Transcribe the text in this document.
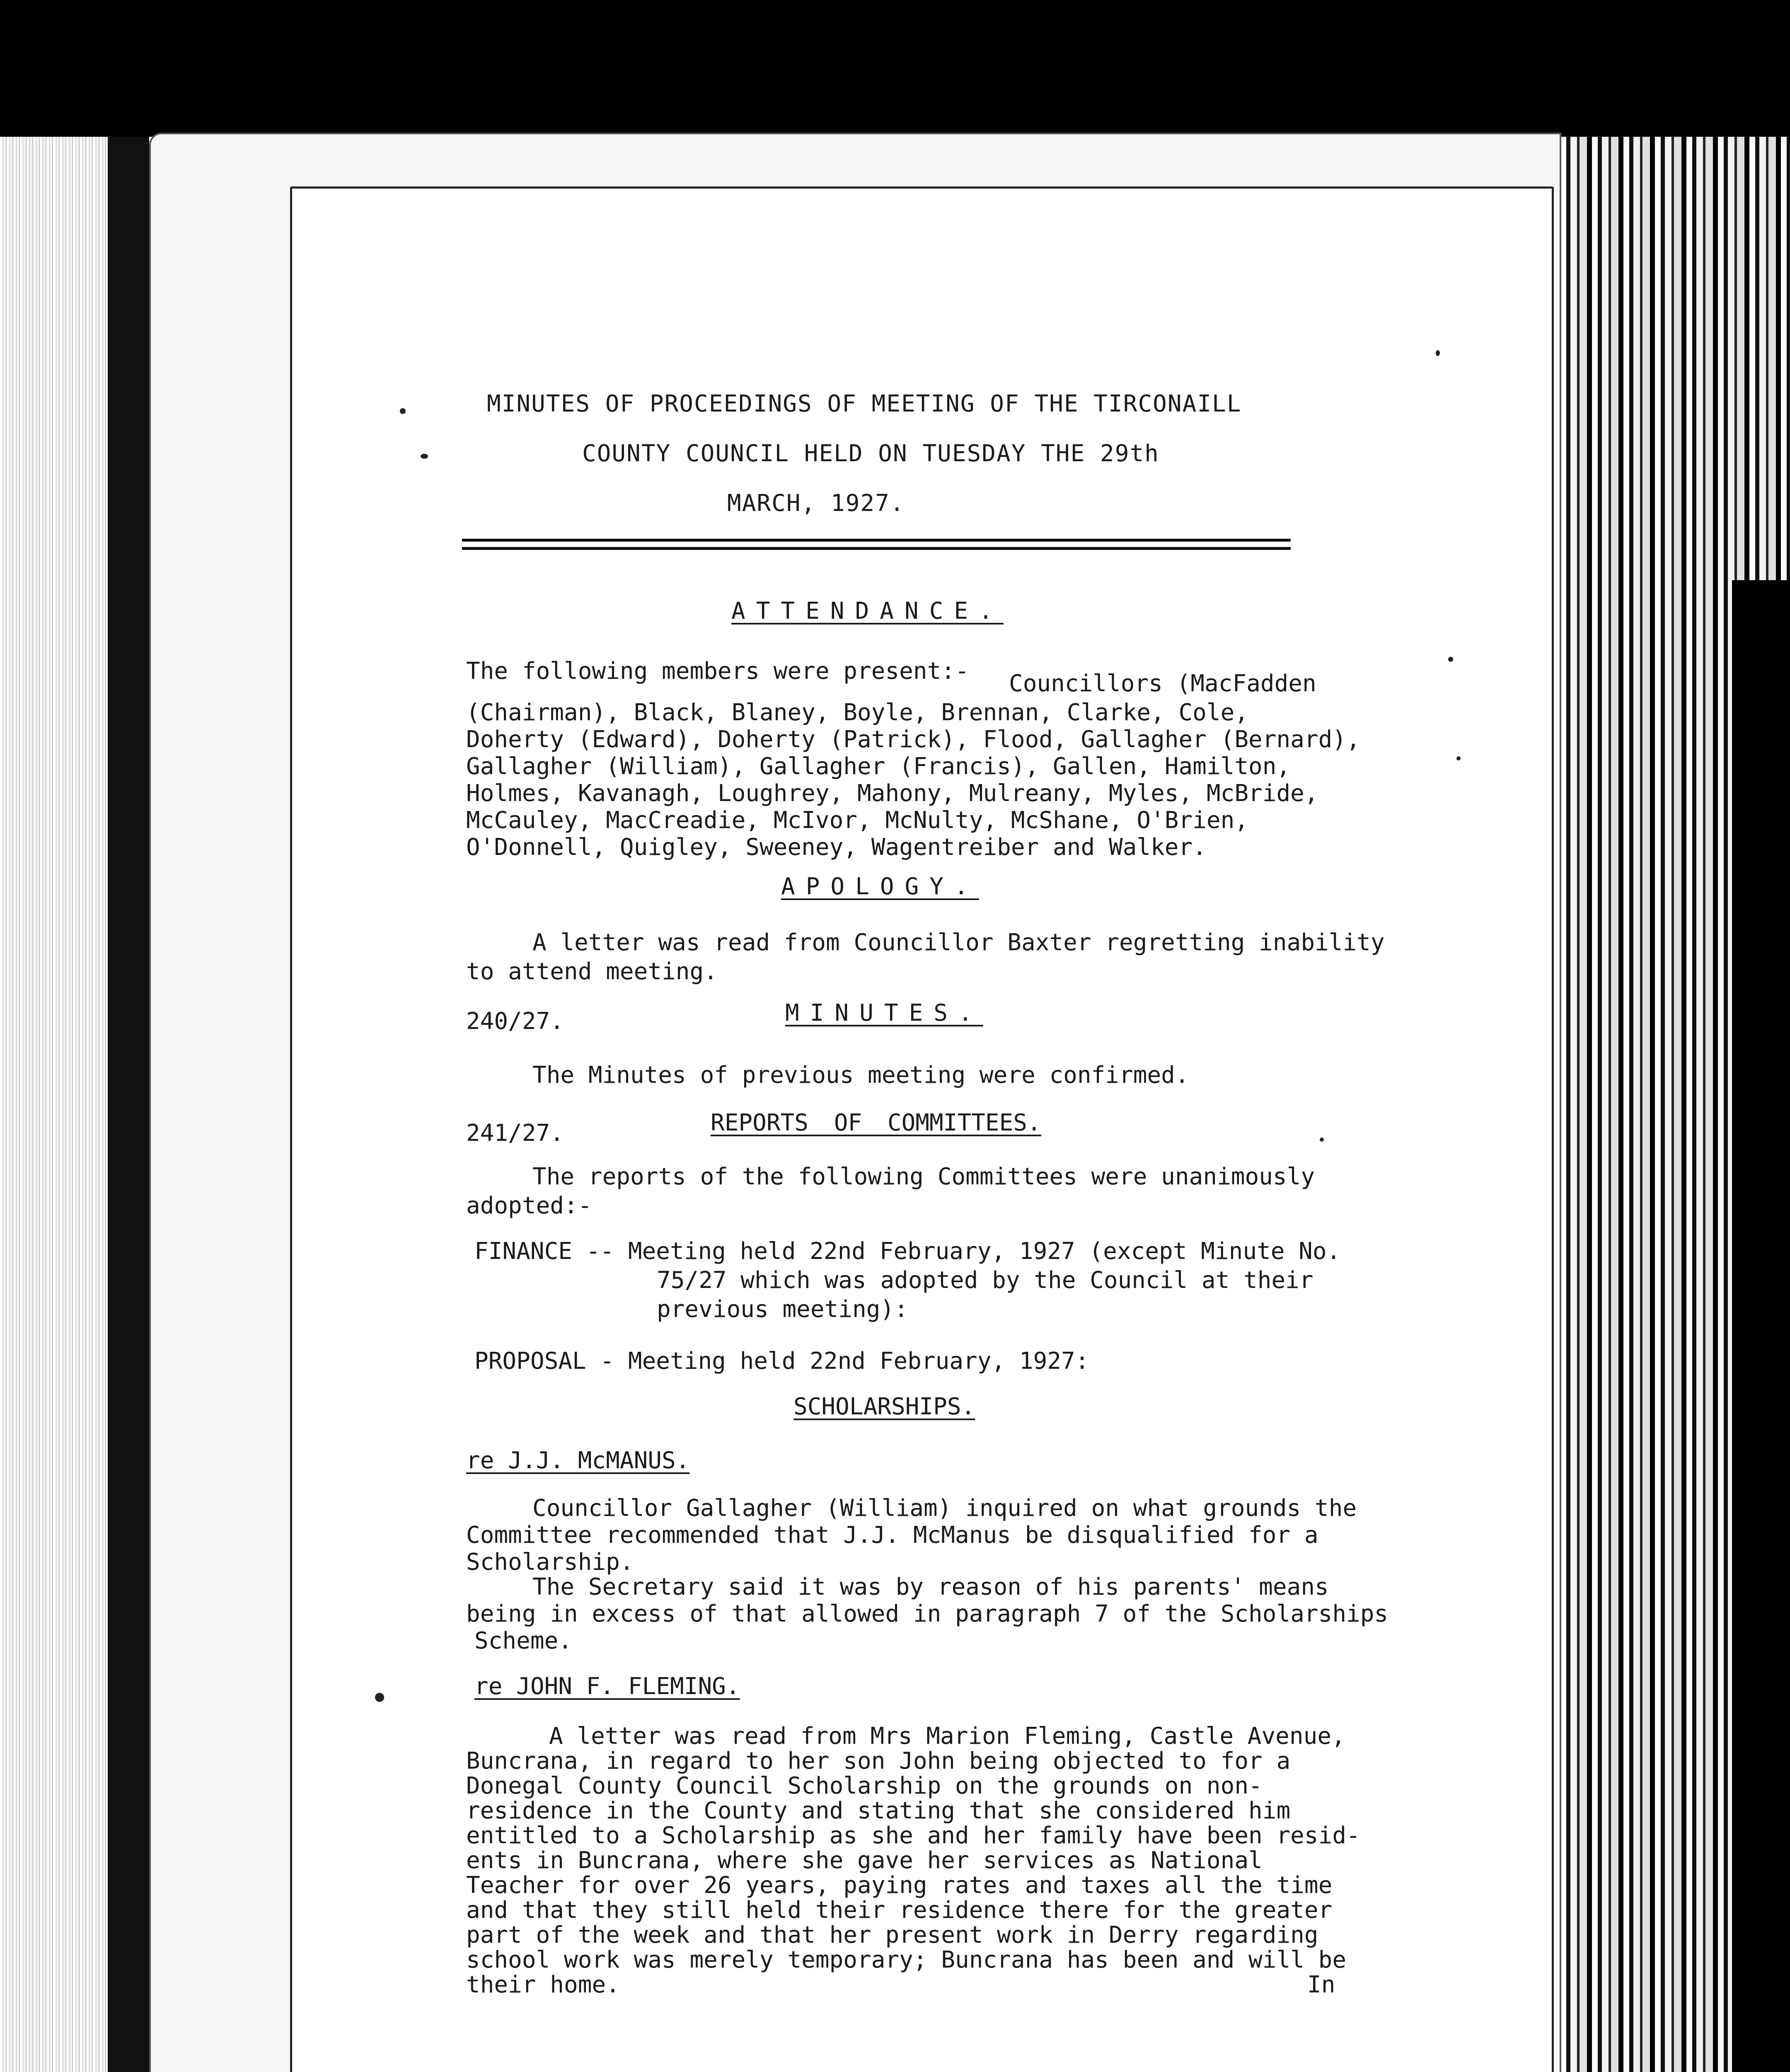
MINUTES OF PROCEEDINGS OF MEETING OF THE TIRCONAILL
COUNTY COUNCIL HELD ON TUESDAY THE 29th
MARCH, 1927.
ATTENDANCE.
The following members were present:- Councillors (MacFadden
(Chairman), Black, Blaney, Boyle, Brennan, Clarke, Cole,
Doherty (Edward), Doherty (Patrick), Flood, Gallagher (Bernard),
Gallagher (William), Gallagher (Francis), Gallen, Hamilton,
Holmes, Kavanagh, Loughrey, Mahony, Mulreany, Myles, McBride,
McCauley, MacCreadie, McIvor, McNulty, McShane, O'Brien,
O'Donnell, Quigley, Sweeney, Wagentreiber and Walker.
APOLOGY.
A letter was read from Councillor Baxter regretting inability
to attend meeting.
240/27.	MINUTES.
The Minutes of previous meeting were confirmed.
241/27.	REPORTS OF COMMITTEES.
The reports of the following Committees were unanimously
adopted:-
FINANCE -- Meeting held 22nd February, 1927 (except Minute No.
75/27 which was adopted by the Council at their
previous meeting):
PROPOSAL - Meeting held 22nd February, 1927:
SCHOLARSHIPS.
re J.J. McMANUS.
Councillor Gallagher (William) inquired on what grounds the
Committee recommended that J.J. McManus be disqualified for a
Scholarship.
The Secretary said it was by reason of his parents' means
being in excess of that allowed in paragraph 7 of the Scholarships
Scheme.
re JOHN F. FLEMING.
A letter was read from Mrs Marion Fleming, Castle Avenue,
Buncrana, in regard to her son John being objected to for a
Donegal County Council Scholarship on the grounds on non-
residence in the County and stating that she considered him
entitled to a Scholarship as she and her family have been resid-
ents in Buncrana, where she gave her services as National
Teacher for over 26 years, paying rates and taxes all the time
and that they still held their residence there for the greater
part of the week and that her present work in Derry regarding
school work was merely temporary; Buncrana has been and will be
their home.	In
